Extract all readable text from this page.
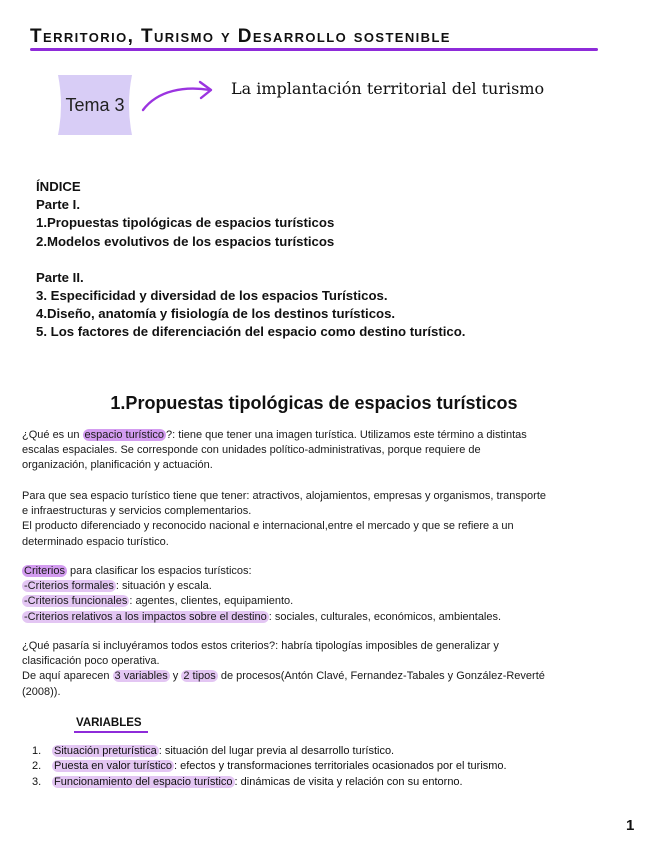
Territorio, Turismo y Desarrollo sostenible
Tema 3
La implantación territorial del turismo
ÍNDICE
Parte I.
1.Propuestas tipológicas de espacios turísticos
2.Modelos evolutivos de los espacios turísticos
Parte II.
3. Especificidad y diversidad de los espacios Turísticos.
4.Diseño, anatomía y fisiología de los destinos turísticos.
5. Los factores de diferenciación del espacio como destino turístico.
1.Propuestas tipológicas de espacios turísticos
¿Qué es un espacio turístico ?: tiene que tener una imagen turística. Utilizamos este término a distintas
escalas espaciales. Se corresponde con unidades político-administrativas, porque requiere de
organización, planificación y actuación.
Para que sea espacio turístico tiene que tener: atractivos, alojamientos, empresas y organismos, transporte
e infraestructuras y servicios complementarios.
El producto diferenciado y reconocido nacional e internacional,entre el mercado y que se refiere a un
determinado espacio turístico.
Criterios para clasificar los espacios turísticos:
-Criterios formales : situación y escala.
-Criterios funcionales : agentes, clientes, equipamiento.
-Criterios relativos a los impactos sobre el destino : sociales, culturales, económicos, ambientales.
¿Qué pasaría si incluyéramos todos estos criterios?: habría tipologías imposibles de generalizar y
clasificación poco operativa.
De aquí aparecen 3 variables y 2 tipos de procesos(Antón Clavé, Fernandez-Tabales y González-Reverté
(2008)).
VARIABLES
1. Situación preturística : situación del lugar previa al desarrollo turístico.
2. Puesta en valor turístico : efectos y transformaciones territoriales ocasionados por el turismo.
3. Funcionamiento del espacio turístico : dinámicas de visita y relación con su entorno.
1
